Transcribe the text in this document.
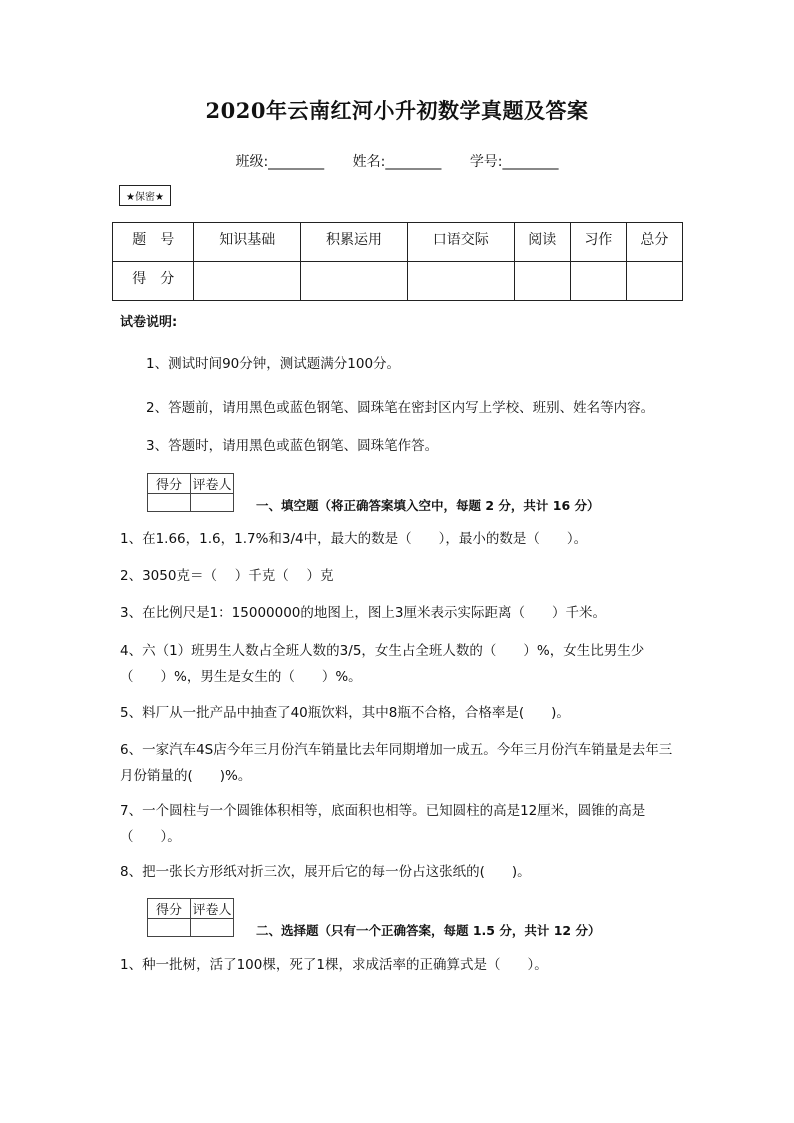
2020年云南红河小升初数学真题及答案
班级:________ 姓名:________ 学号:________
★保密★
题　号	知识基础	积累运用	口语交际	阅读	习作	总分
得　分						
试卷说明:
1、测试时间90分钟，测试题满分100分。
2、答题前，请用黑色或蓝色钢笔、圆珠笔在密封区内写上学校、班别、姓名等内容。
3、答题时，请用黑色或蓝色钢笔、圆珠笔作答。
得分	评卷人

一、填空题（将正确答案填入空中，每题 2 分，共计 16 分）
1、在1.66，1.6，1.7%和3/4中，最大的数是（　　），最小的数是（　　）。
2、3050克＝（　 ）千克（　 ）克
3、在比例尺是1：15000000的地图上，图上3厘米表示实际距离（　　）千米。
4、六（1）班男生人数占全班人数的3/5，女生占全班人数的（　　）%，女生比男生少（　　）%，男生是女生的（　　）%。
5、料厂从一批产品中抽查了40瓶饮料，其中8瓶不合格，合格率是(　　)。
6、一家汽车4S店今年三月份汽车销量比去年同期增加一成五。今年三月份汽车销量是去年三月份销量的(　　)%。
7、一个圆柱与一个圆锥体积相等，底面积也相等。已知圆柱的高是12厘米，圆锥的高是（　　）。
8、把一张长方形纸对折三次，展开后它的每一份占这张纸的(　　)。
得分	评卷人

二、选择题（只有一个正确答案，每题 1.5 分，共计 12 分）
1、种一批树，活了100棵，死了1棵，求成活率的正确算式是（　　）。
